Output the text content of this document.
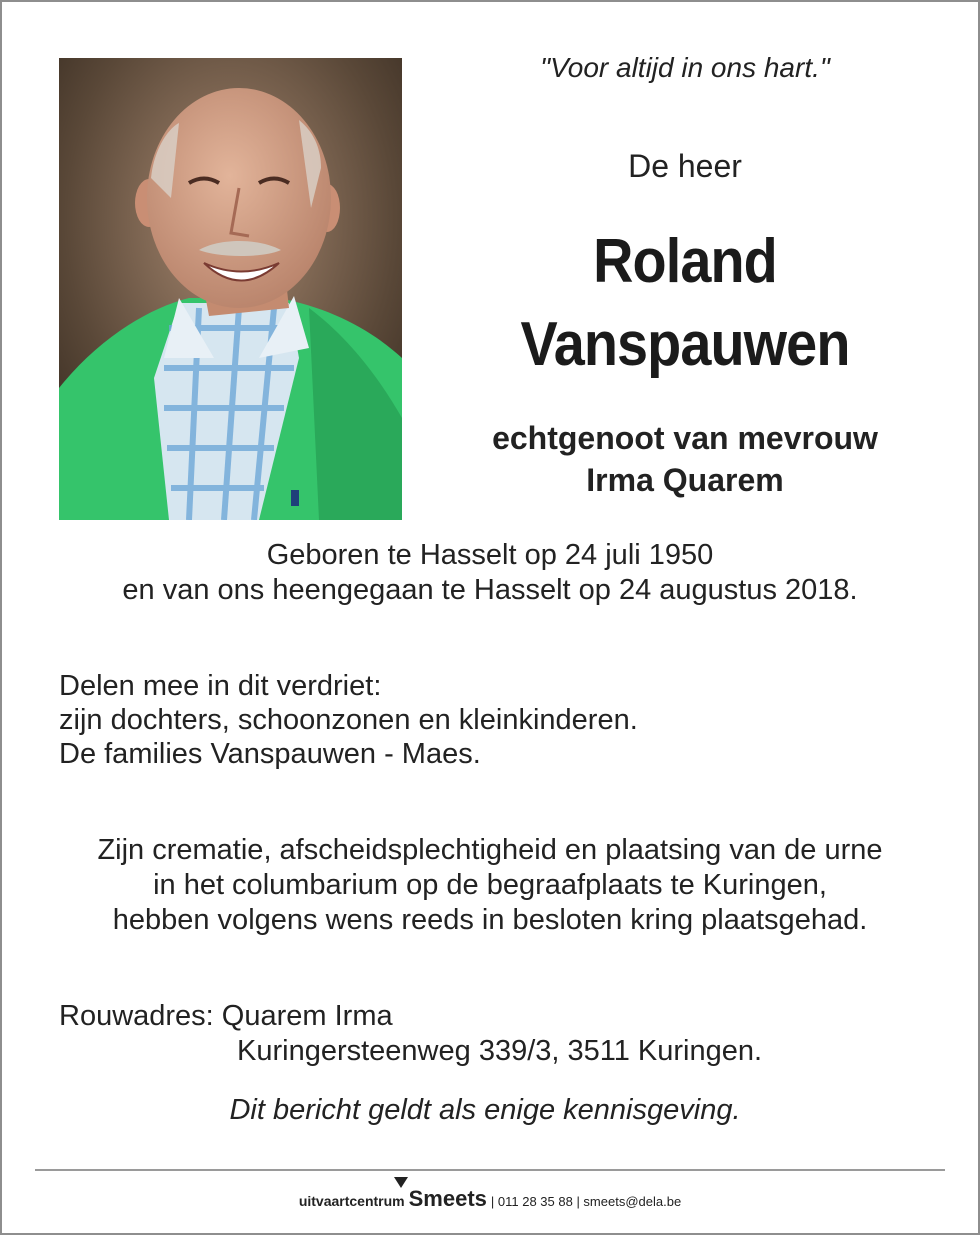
"Voor altijd in ons hart."
De heer
Roland
Vanspauwen
echtgenoot van mevrouw
Irma Quarem
Geboren te Hasselt op 24 juli 1950
en van ons heengegaan te Hasselt op 24 augustus 2018.
Delen mee in dit verdriet:
zijn dochters, schoonzonen en kleinkinderen.
De families Vanspauwen - Maes.
Zijn crematie, afscheidsplechtigheid en plaatsing van de urne
in het columbarium op de begraafplaats te Kuringen,
hebben volgens wens reeds in besloten kring plaatsgehad.
Rouwadres: Quarem Irma
Kuringersteenweg 339/3, 3511 Kuringen.
Dit bericht geldt als enige kennisgeving.
uitvaartcentrum Smeets | 011 28 35 88 | smeets@dela.be
